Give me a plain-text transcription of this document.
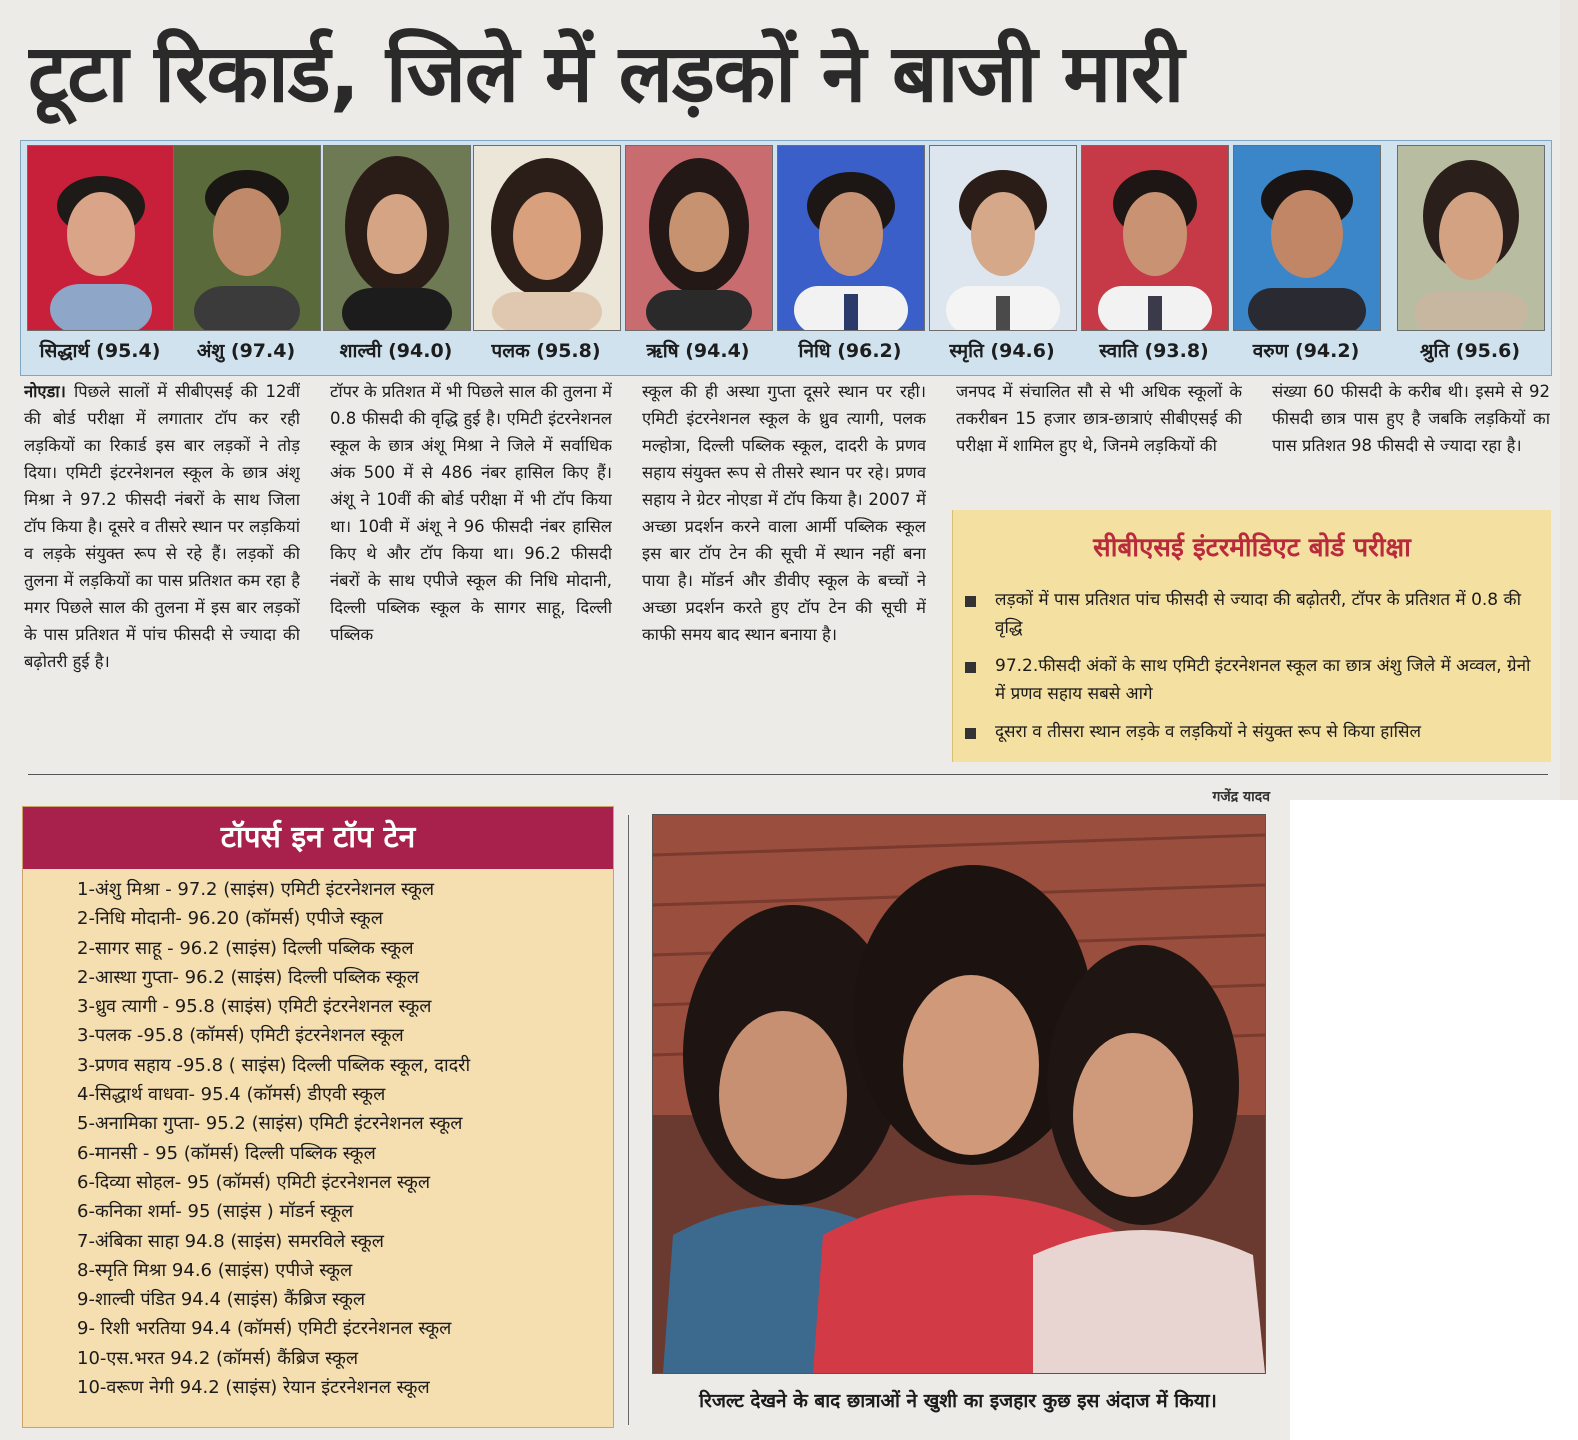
टूटा रिकार्ड, जिले में लड़कों ने बाजी मारी
सिद्धार्थ (95.4)	अंशु (97.4)	शाल्वी (94.0)	पलक (95.8)	ऋषि (94.4)	निधि (96.2)	स्मृति (94.6)	स्वाति (93.8)	वरुण (94.2)	श्रुति (95.6)
नोएडा। पिछले सालों में सीबीएसई की 12वीं की बोर्ड परीक्षा में लगातार टॉप कर रही लड़कियों का रिकार्ड इस बार लड़कों ने तोड़ दिया। एमिटी इंटरनेशनल स्कूल के छात्र अंशू मिश्रा ने 97.2 फीसदी नंबरों के साथ जिला टॉप किया है। दूसरे व तीसरे स्थान पर लड़कियां व लड़के संयुक्त रूप से रहे हैं। लड़कों की तुलना में लड़कियों का पास प्रतिशत कम रहा है मगर पिछले साल की तुलना में इस बार लड़कों के पास प्रतिशत में पांच फीसदी से ज्यादा की बढ़ोतरी हुई है।
टॉपर के प्रतिशत में भी पिछले साल की तुलना में 0.8 फीसदी की वृद्धि हुई है। एमिटी इंटरनेशनल स्कूल के छात्र अंशू मिश्रा ने जिले में सर्वाधिक अंक 500 में से 486 नंबर हासिल किए हैं। अंशू ने 10वीं की बोर्ड परीक्षा में भी टॉप किया था। 10वी में अंशू ने 96 फीसदी नंबर हासिल किए थे और टॉप किया था। 96.2 फीसदी नंबरों के साथ एपीजे स्कूल की निधि मोदानी, दिल्ली पब्लिक स्कूल के सागर साहू, दिल्ली पब्लिक
स्कूल की ही अस्था गुप्ता दूसरे स्थान पर रही। एमिटी इंटरनेशनल स्कूल के ध्रुव त्यागी, पलक मल्होत्रा, दिल्ली पब्लिक स्कूल, दादरी के प्रणव सहाय संयुक्त रूप से तीसरे स्थान पर रहे। प्रणव सहाय ने ग्रेटर नोएडा में टॉप किया है। 2007 में अच्छा प्रदर्शन करने वाला आर्मी पब्लिक स्कूल इस बार टॉप टेन की सूची में स्थान नहीं बना पाया है। मॉडर्न और डीवीए स्कूल के बच्चों ने अच्छा प्रदर्शन करते हुए टॉप टेन की सूची में काफी समय बाद स्थान बनाया है।
जनपद में संचालित सौ से भी अधिक स्कूलों के तकरीबन 15 हजार छात्र-छात्राएं सीबीएसई की परीक्षा में शामिल हुए थे, जिनमे लड़कियों की
संख्या 60 फीसदी के करीब थी। इसमे से 92 फीसदी छात्र पास हुए है जबकि लड़कियों का पास प्रतिशत 98 फीसदी से ज्यादा रहा है।
सीबीएसई इंटरमीडिएट बोर्ड परीक्षा
लड़कों में पास प्रतिशत पांच फीसदी से ज्यादा की बढ़ोतरी, टॉपर के प्रतिशत में 0.8 की वृद्धि
97.2.फीसदी अंकों के साथ एमिटी इंटरनेशनल स्कूल का छात्र अंशु जिले में अव्वल, ग्रेनो में प्रणव सहाय सबसे आगे
दूसरा व तीसरा स्थान लड़के व लड़कियों ने संयुक्त रूप से किया हासिल
गजेंद्र यादव
टॉपर्स इन टॉप टेन
1-अंशु मिश्रा - 97.2 (साइंस) एमिटी इंटरनेशनल स्कूल
2-निधि मोदानी- 96.20 (कॉमर्स) एपीजे स्कूल
2-सागर साहू - 96.2 (साइंस) दिल्ली पब्लिक स्कूल
2-आस्था गुप्ता- 96.2 (साइंस) दिल्ली पब्लिक स्कूल
3-ध्रुव त्यागी - 95.8 (साइंस) एमिटी इंटरनेशनल स्कूल
3-पलक -95.8 (कॉमर्स) एमिटी इंटरनेशनल स्कूल
3-प्रणव सहाय -95.8 ( साइंस) दिल्ली पब्लिक स्कूल, दादरी
4-सिद्धार्थ वाधवा- 95.4 (कॉमर्स) डीएवी स्कूल
5-अनामिका गुप्ता- 95.2 (साइंस) एमिटी इंटरनेशनल स्कूल
6-मानसी - 95 (कॉमर्स) दिल्ली पब्लिक स्कूल
6-दिव्या सोहल- 95 (कॉमर्स) एमिटी इंटरनेशनल स्कूल
6-कनिका शर्मा- 95 (साइंस ) मॉडर्न स्कूल
7-अंबिका साहा 94.8 (साइंस) समरविले स्कूल
8-स्मृति मिश्रा 94.6 (साइंस) एपीजे स्कूल
9-शाल्वी पंडित 94.4 (साइंस) कैंब्रिज स्कूल
9- रिशी भरतिया 94.4 (कॉमर्स) एमिटी इंटरनेशनल स्कूल
10-एस.भरत 94.2 (कॉमर्स) कैंब्रिज स्कूल
10-वरूण नेगी 94.2 (साइंस) रेयान इंटरनेशनल स्कूल
रिजल्ट देखने के बाद छात्राओं ने खुशी का इजहार कुछ इस अंदाज में किया।
